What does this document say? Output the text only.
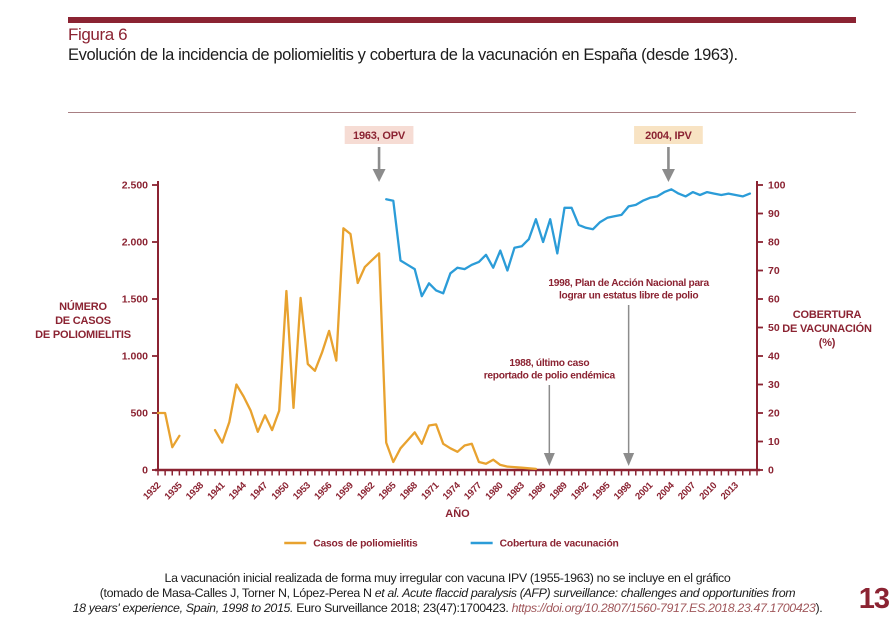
Figura 6
Evolución de la incidencia de poliomielitis y cobertura de la vacunación en España (desde 1963).
1932 1935 1938 1941 1944 1947 1950 1953 1956 1959 1962 1965 1968 1971 1974 1977 1980 1983 1986 1989 1992 1995 1998 2001 2004 2007 2010 2013
AÑO
0
500
1.000
1.500
2.000
2.500
NÚMERO
DE CASOS
DE POLIOMIELITIS
0
10
20
30
40
50
60
70
80
90
100
COBERTURA
DE VACUNACIÓN
(%)
1988, último caso
reportado de polio endémica
1998, Plan de Acción Nacional para
lograr un estatus libre de polio
1963, OPV	2004, IPV
Casos de poliomielitis	Cobertura de vacunación
La vacunación inicial realizada de forma muy irregular con vacuna IPV (1955-1963) no se incluye en el gráfico
(tomado de Masa-Calles J, Torner N, López-Perea N et al. Acute flaccid paralysis (AFP) surveillance: challenges and opportunities from
18 years' experience, Spain, 1998 to 2015. Euro Surveillance 2018; 23(47):1700423. https://doi.org/10.2807/1560-7917.ES.2018.23.47.1700423).	13
